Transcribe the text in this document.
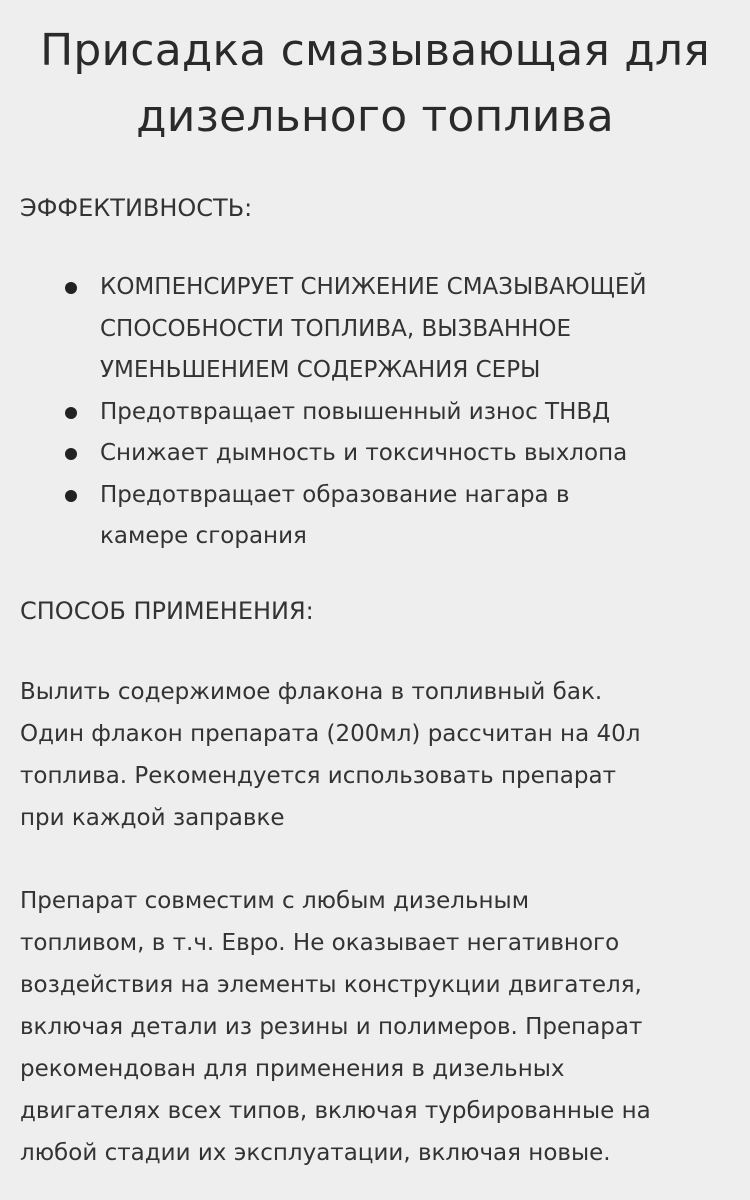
Присадка смазывающая для
дизельного топлива
ЭФФЕКТИВНОСТЬ:
КОМПЕНСИРУЕТ СНИЖЕНИЕ СМАЗЫВАЮЩЕЙ
СПОСОБНОСТИ ТОПЛИВА, ВЫЗВАННОЕ
УМЕНЬШЕНИЕМ СОДЕРЖАНИЯ СЕРЫ
Предотвращает повышенный износ ТНВД
Снижает дымность и токсичность выхлопа
Предотвращает образование нагара в
камере сгорания
СПОСОБ ПРИМЕНЕНИЯ:

Вылить содержимое флакона в топливный бак.
Один флакон препарата (200мл) рассчитан на 40л
топлива. Рекомендуется использовать препарат
при каждой заправке

Препарат совместим с любым дизельным
топливом, в т.ч. Евро. Не оказывает негативного
воздействия на элементы конструкции двигателя,
включая детали из резины и полимеров. Препарат
рекомендован для применения в дизельных
двигателях всех типов, включая турбированные на
любой стадии их эксплуатации, включая новые.
